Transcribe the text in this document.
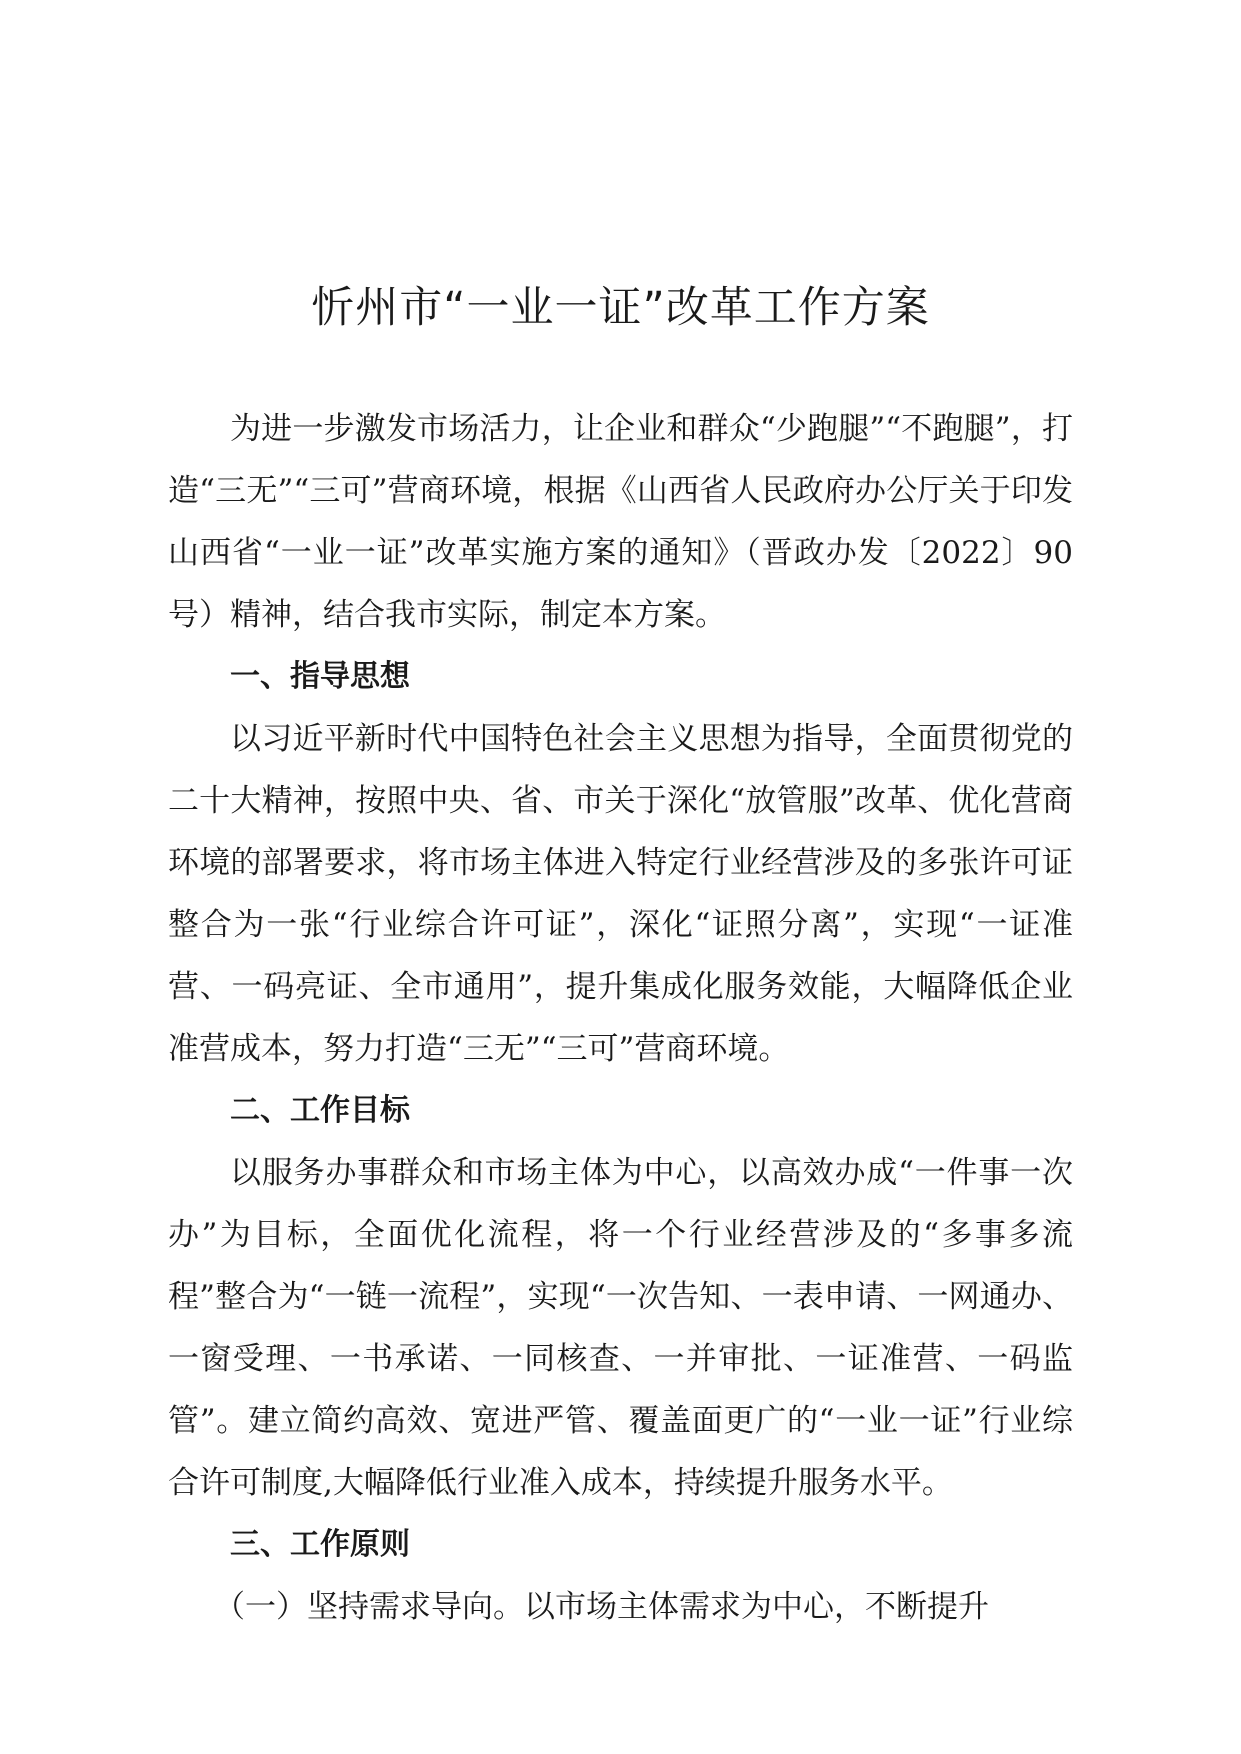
忻州市“一业一证”改革工作方案

为进一步激发市场活力，让企业和群众“少跑腿”“不跑腿”，打造“三无”“三可”营商环境，根据《山西省人民政府办公厅关于印发山西省“一业一证”改革实施方案的通知》（晋政办发〔2022〕90号）精神，结合我市实际，制定本方案。

一、指导思想

以习近平新时代中国特色社会主义思想为指导，全面贯彻党的二十大精神，按照中央、省、市关于深化“放管服”改革、优化营商环境的部署要求，将市场主体进入特定行业经营涉及的多张许可证整合为一张“行业综合许可证”，深化“证照分离”，实现“一证准营、一码亮证、全市通用”，提升集成化服务效能，大幅降低企业准营成本，努力打造“三无”“三可”营商环境。

二、工作目标

以服务办事群众和市场主体为中心，以高效办成“一件事一次办”为目标，全面优化流程，将一个行业经营涉及的“多事多流程”整合为“一链一流程”，实现“一次告知、一表申请、一网通办、一窗受理、一书承诺、一同核查、一并审批、一证准营、一码监管”。建立简约高效、宽进严管、覆盖面更广的“一业一证”行业综合许可制度,大幅降低行业准入成本，持续提升服务水平。

三、工作原则

（一）坚持需求导向。以市场主体需求为中心，不断提升
